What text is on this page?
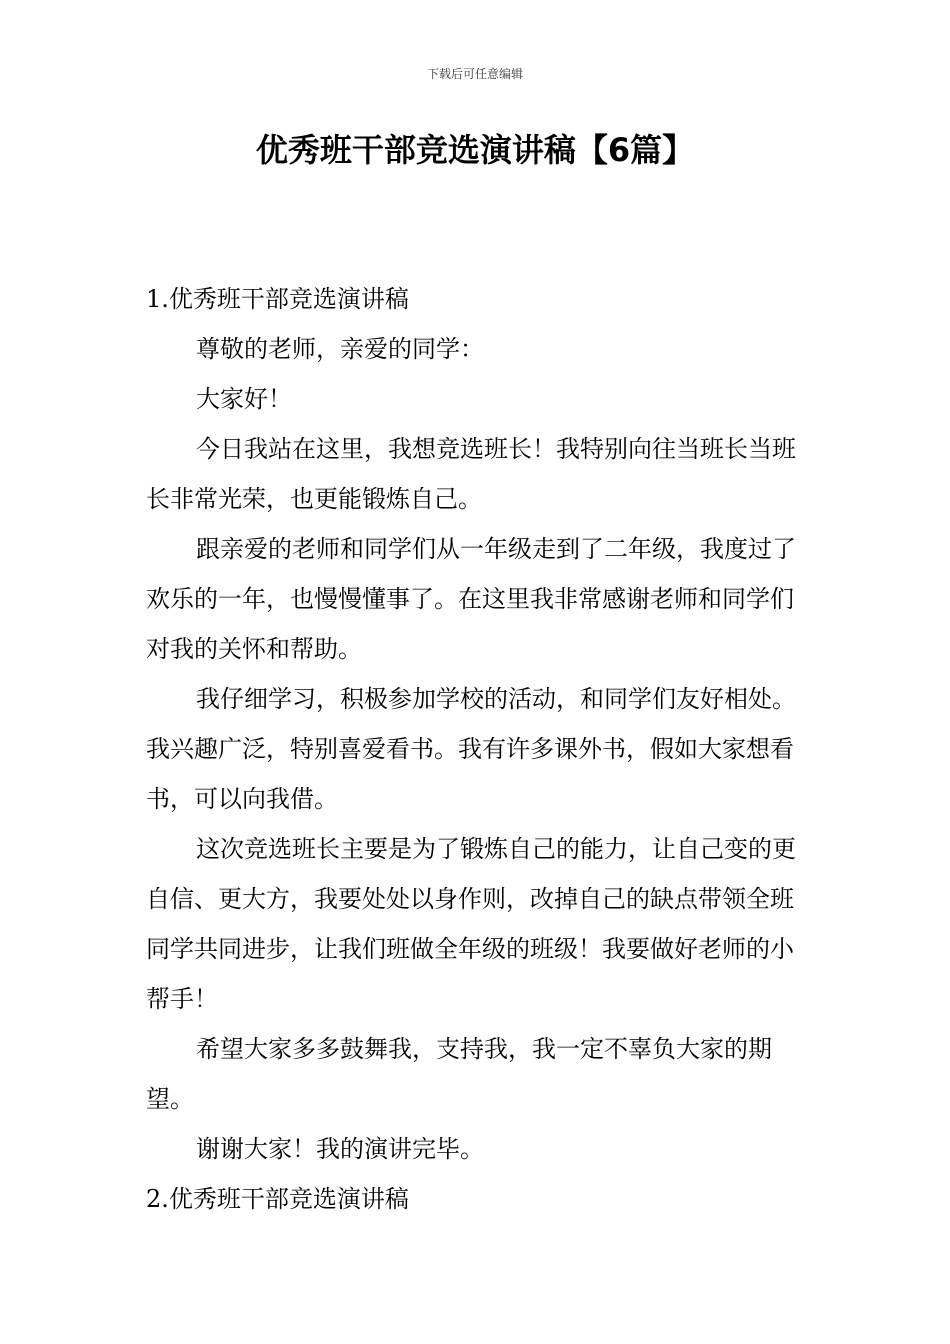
下载后可任意编辑
优秀班干部竞选演讲稿【6篇】

1.优秀班干部竞选演讲稿

尊敬的老师，亲爱的同学：

大家好！

今日我站在这里，我想竞选班长！我特别向往当班长当班长非常光荣，也更能锻炼自己。

跟亲爱的老师和同学们从一年级走到了二年级，我度过了欢乐的一年，也慢慢懂事了。在这里我非常感谢老师和同学们对我的关怀和帮助。

我仔细学习，积极参加学校的活动，和同学们友好相处。我兴趣广泛，特别喜爱看书。我有许多课外书，假如大家想看书，可以向我借。

这次竞选班长主要是为了锻炼自己的能力，让自己变的更自信、更大方，我要处处以身作则，改掉自己的缺点带领全班同学共同进步，让我们班做全年级的班级！我要做好老师的小帮手！

希望大家多多鼓舞我，支持我，我一定不辜负大家的期望。

谢谢大家！我的演讲完毕。

2.优秀班干部竞选演讲稿
